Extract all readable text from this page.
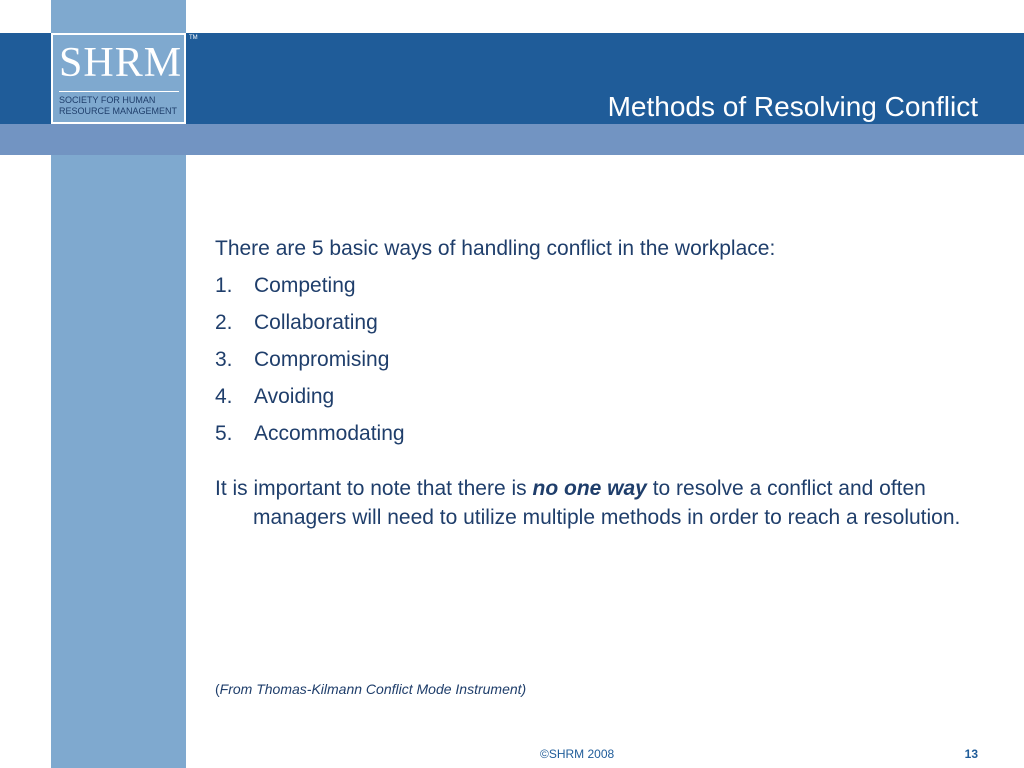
Methods of Resolving Conflict
SHRM
TM
SOCIETY FOR HUMAN
RESOURCE MANAGEMENT

There are 5 basic ways of handling conflict in the workplace:

1.	Competing
2.	Collaborating
3.	Compromising
4.	Avoiding
5.	Accommodating

It is important to note that there is no one way to resolve a conflict and often managers will need to utilize multiple methods in order to reach a resolution.

(From Thomas-Kilmann Conflict Mode Instrument)
©SHRM 2008	13
